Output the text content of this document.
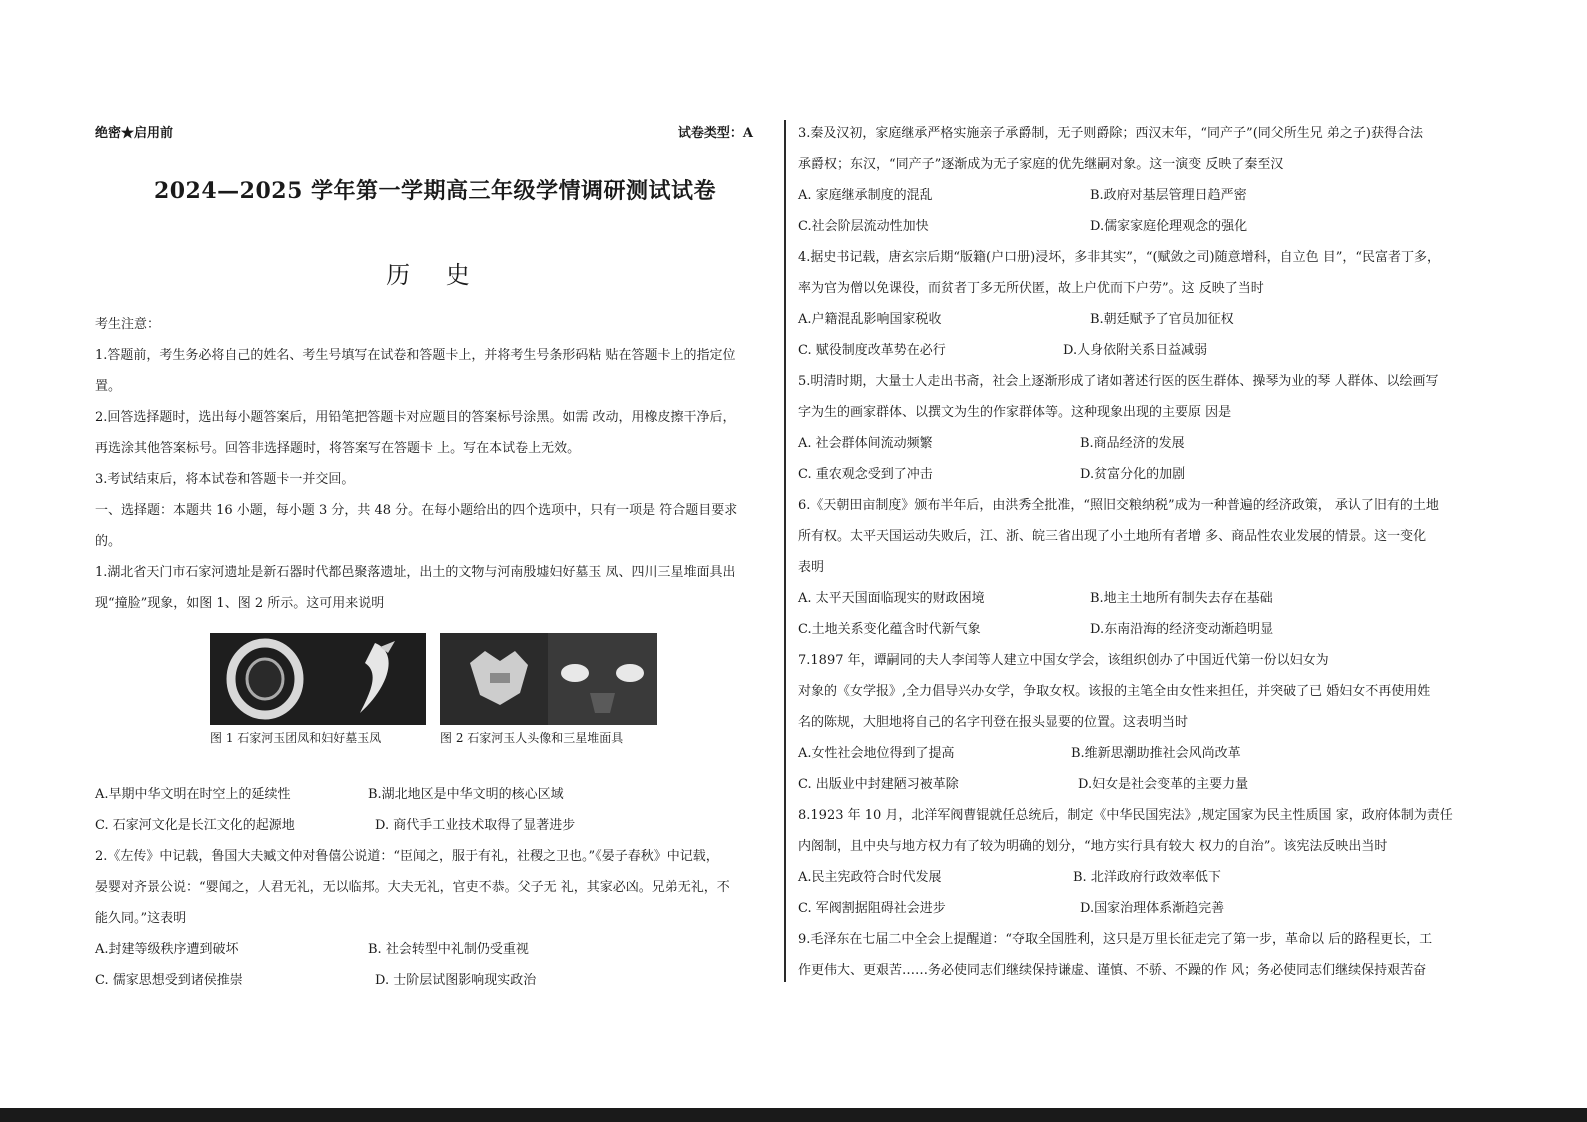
绝密★启用前	试卷类型：A
2024—2025 学年第一学期高三年级学情调研测试试卷
历 史
考生注意：
1.答题前，考生务必将自己的姓名、考生号填写在试卷和答题卡上，并将考生号条形码粘 贴在答题卡上的指定位
置。
2.回答选择题时，选出每小题答案后，用铅笔把答题卡对应题目的答案标号涂黑。如需 改动，用橡皮擦干净后，
再选涂其他答案标号。回答非选择题时，将答案写在答题卡 上。写在本试卷上无效。
3.考试结束后，将本试卷和答题卡一并交回。
一、选择题：本题共 16 小题，每小题 3 分，共 48 分。在每小题给出的四个选项中，只有一项是 符合题目要求
的。
1.湖北省天门市石家河遗址是新石器时代都邑聚落遗址，出土的文物与河南殷墟妇好墓玉 凤、四川三星堆面具出
现“撞脸”现象，如图 1、图 2 所示。这可用来说明
图 1 石家河玉团凤和妇好墓玉凤	图 2 石家河玉人头像和三星堆面具
A.早期中华文明在时空上的延续性	B.湖北地区是中华文明的核心区域
C. 石家河文化是长江文化的起源地	D. 商代手工业技术取得了显著进步
2.《左传》中记载，鲁国大夫臧文仲对鲁僖公说道：“臣闻之，服于有礼，社稷之卫也。”《晏子春秋》中记载，
晏婴对齐景公说：“婴闻之，人君无礼，无以临邦。大夫无礼，官吏不恭。父子无 礼，其家必凶。兄弟无礼，不
能久同。”这表明
A.封建等级秩序遭到破坏	B. 社会转型中礼制仍受重视
C. 儒家思想受到诸侯推崇	D. 士阶层试图影响现实政治
3.秦及汉初，家庭继承严格实施亲子承爵制，无子则爵除；西汉末年，“同产子”(同父所生兄 弟之子)获得合法
承爵权；东汉，“同产子”逐渐成为无子家庭的优先继嗣对象。这一演变 反映了秦至汉
A. 家庭继承制度的混乱	B.政府对基层管理日趋严密
C.社会阶层流动性加快	D.儒家家庭伦理观念的强化
4.据史书记载，唐玄宗后期“版籍(户口册)浸坏，多非其实”，“(赋敛之司)随意增科，自立色 目”，“民富者丁多，
率为官为僧以免课役，而贫者丁多无所伏匿，故上户优而下户劳”。这 反映了当时
A.户籍混乱影响国家税收	B.朝廷赋予了官员加征权
C. 赋役制度改革势在必行	D.人身依附关系日益减弱
5.明清时期，大量士人走出书斋，社会上逐渐形成了诸如著述行医的医生群体、操琴为业的琴 人群体、以绘画写
字为生的画家群体、以撰文为生的作家群体等。这种现象出现的主要原 因是
A. 社会群体间流动频繁	B.商品经济的发展
C. 重农观念受到了冲击	D.贫富分化的加剧
6.《天朝田亩制度》颁布半年后，由洪秀全批准，“照旧交粮纳税”成为一种普遍的经济政策， 承认了旧有的土地
所有权。太平天国运动失败后，江、浙、皖三省出现了小土地所有者增 多、商品性农业发展的情景。这一变化
表明
A. 太平天国面临现实的财政困境	B.地主土地所有制失去存在基础
C.土地关系变化蕴含时代新气象	D.东南沿海的经济变动渐趋明显
7.1897 年，谭嗣同的夫人李闰等人建立中国女学会，该组织创办了中国近代第一份以妇女为
对象的《女学报》,全力倡导兴办女学，争取女权。该报的主笔全由女性来担任，并突破了已 婚妇女不再使用姓
名的陈规，大胆地将自己的名字刊登在报头显要的位置。这表明当时
A.女性社会地位得到了提高	B.维新思潮助推社会风尚改革
C. 出版业中封建陋习被革除	D.妇女是社会变革的主要力量
8.1923 年 10 月，北洋军阀曹锟就任总统后，制定《中华民国宪法》,规定国家为民主性质国 家，政府体制为责任
内阁制，且中央与地方权力有了较为明确的划分，“地方实行具有较大 权力的自治”。该宪法反映出当时
A.民主宪政符合时代发展	B. 北洋政府行政效率低下
C. 军阀割据阻碍社会进步	D.国家治理体系渐趋完善
9.毛泽东在七届二中全会上提醒道：“夺取全国胜利，这只是万里长征走完了第一步，革命以 后的路程更长，工
作更伟大、更艰苦……务必使同志们继续保持谦虚、谨慎、不骄、不躁的作 风；务必使同志们继续保持艰苦奋
